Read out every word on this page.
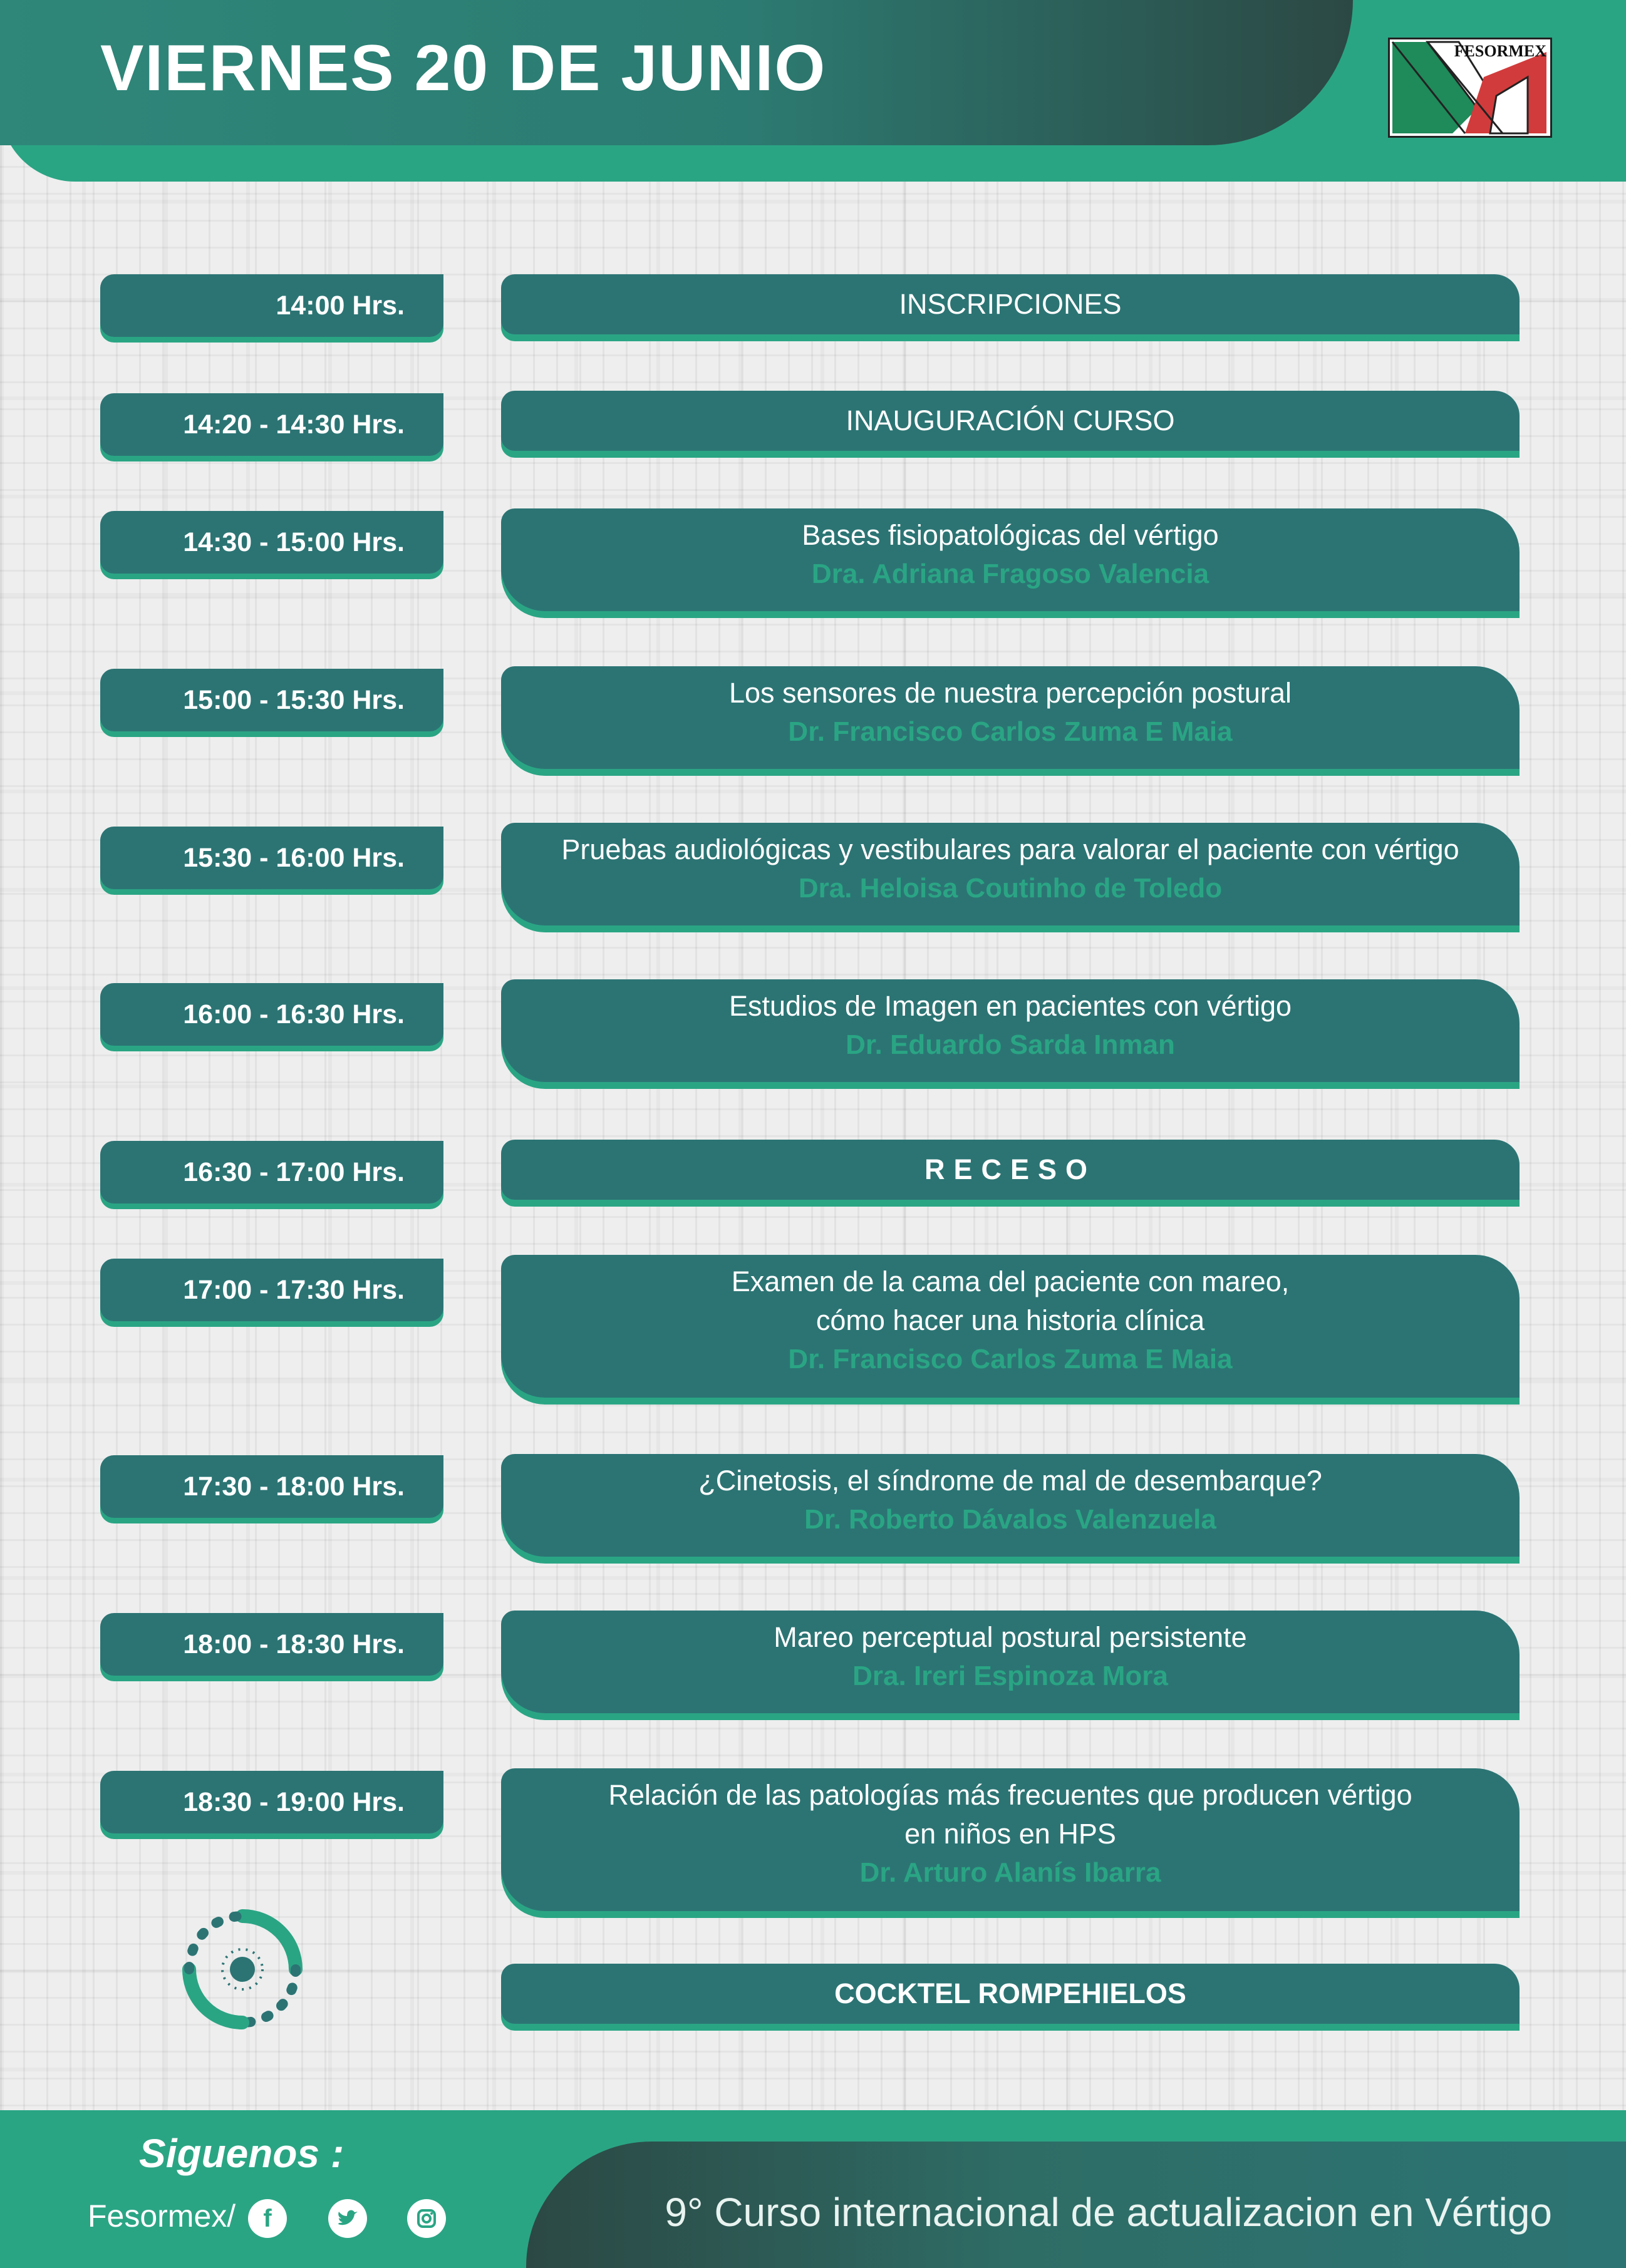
VIERNES 20 DE JUNIO	FESORMEX
14:00 Hrs.	INSCRIPCIONES
14:20 - 14:30 Hrs.	INAUGURACIÓN CURSO
14:30 - 15:00 Hrs.	Bases fisiopatológicas del vértigo
Dra. Adriana Fragoso Valencia
15:00 - 15:30 Hrs.	Los sensores de nuestra percepción postural
Dr. Francisco Carlos Zuma E Maia
15:30 - 16:00 Hrs.	Pruebas audiológicas y vestibulares para valorar el paciente con vértigo
Dra. Heloisa Coutinho de Toledo
16:00 - 16:30 Hrs.	Estudios de Imagen en pacientes con vértigo
Dr. Eduardo Sarda Inman
16:30 - 17:00 Hrs.	RECESO
17:00 - 17:30 Hrs.	Examen de la cama del paciente con mareo,
cómo hacer una historia clínica
Dr. Francisco Carlos Zuma E Maia
17:30 - 18:00 Hrs.	¿Cinetosis, el síndrome de mal de desembarque?
Dr. Roberto Dávalos Valenzuela
18:00 - 18:30 Hrs.	Mareo perceptual postural persistente
Dra. Ireri Espinoza Mora
18:30 - 19:00 Hrs.	Relación de las patologías más frecuentes que producen vértigo
en niños en HPS
Dr. Arturo Alanís Ibarra
COCKTEL ROMPEHIELOS
Siguenos :
Fesormex/	f	9° Curso internacional de actualizacion en Vértigo
